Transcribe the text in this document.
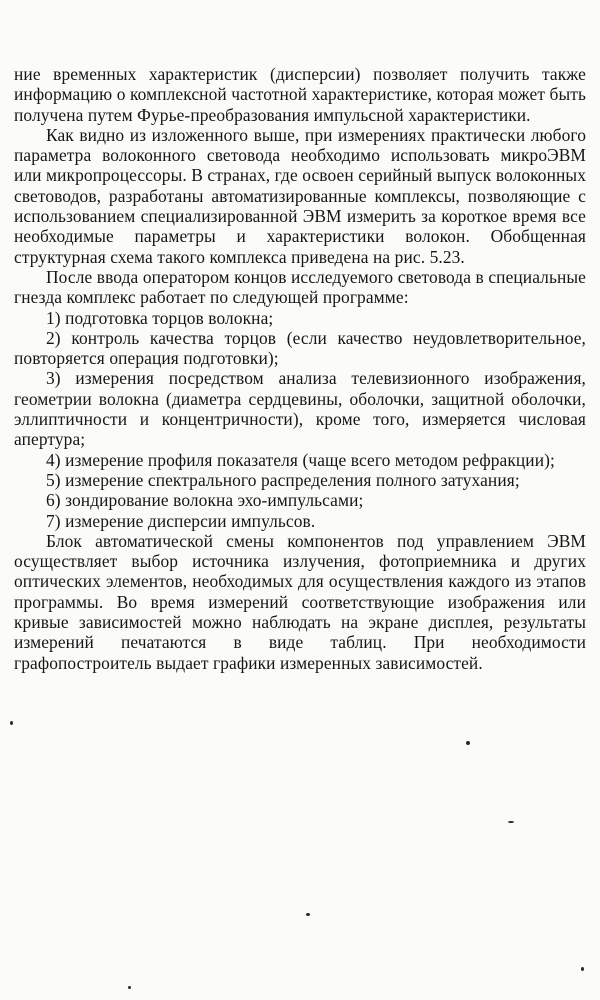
ние временных характеристик (дисперсии) позволяет получить также информацию о комплексной частотной характеристике, которая может быть получена путем Фурье-преобразования импульсной характеристики.

Как видно из изложенного выше, при измерениях практически любого параметра волоконного световода необходимо использовать микроЭВМ или микропроцессоры. В странах, где освоен серийный выпуск волоконных световодов, разработаны автоматизированные комплексы, позволяющие с использованием специализированной ЭВМ измерить за короткое время все необходимые параметры и характеристики волокон. Обобщенная структурная схема такого комплекса приведена на рис. 5.23.

После ввода оператором концов исследуемого световода в специальные гнезда комплекс работает по следующей программе:

1) подготовка торцов волокна;

2) контроль качества торцов (если качество неудовлетворительное, повторяется операция подготовки);

3) измерения посредством анализа телевизионного изображения, геометрии волокна (диаметра сердцевины, оболочки, защитной оболочки, эллиптичности и концентричности), кроме того, измеряется числовая апертура;

4) измерение профиля показателя (чаще всего методом рефракции);

5) измерение спектрального распределения полного затухания;

6) зондирование волокна эхо-импульсами;

7) измерение дисперсии импульсов.

Блок автоматической смены компонентов под управлением ЭВМ осуществляет выбор источника излучения, фотоприемника и других оптических элементов, необходимых для осуществления каждого из этапов программы. Во время измерений соответствующие изображения или кривые зависимостей можно наблюдать на экране дисплея, результаты измерений печатаются в виде таблиц. При необходимости графопостроитель выдает графики измеренных зависимостей.
